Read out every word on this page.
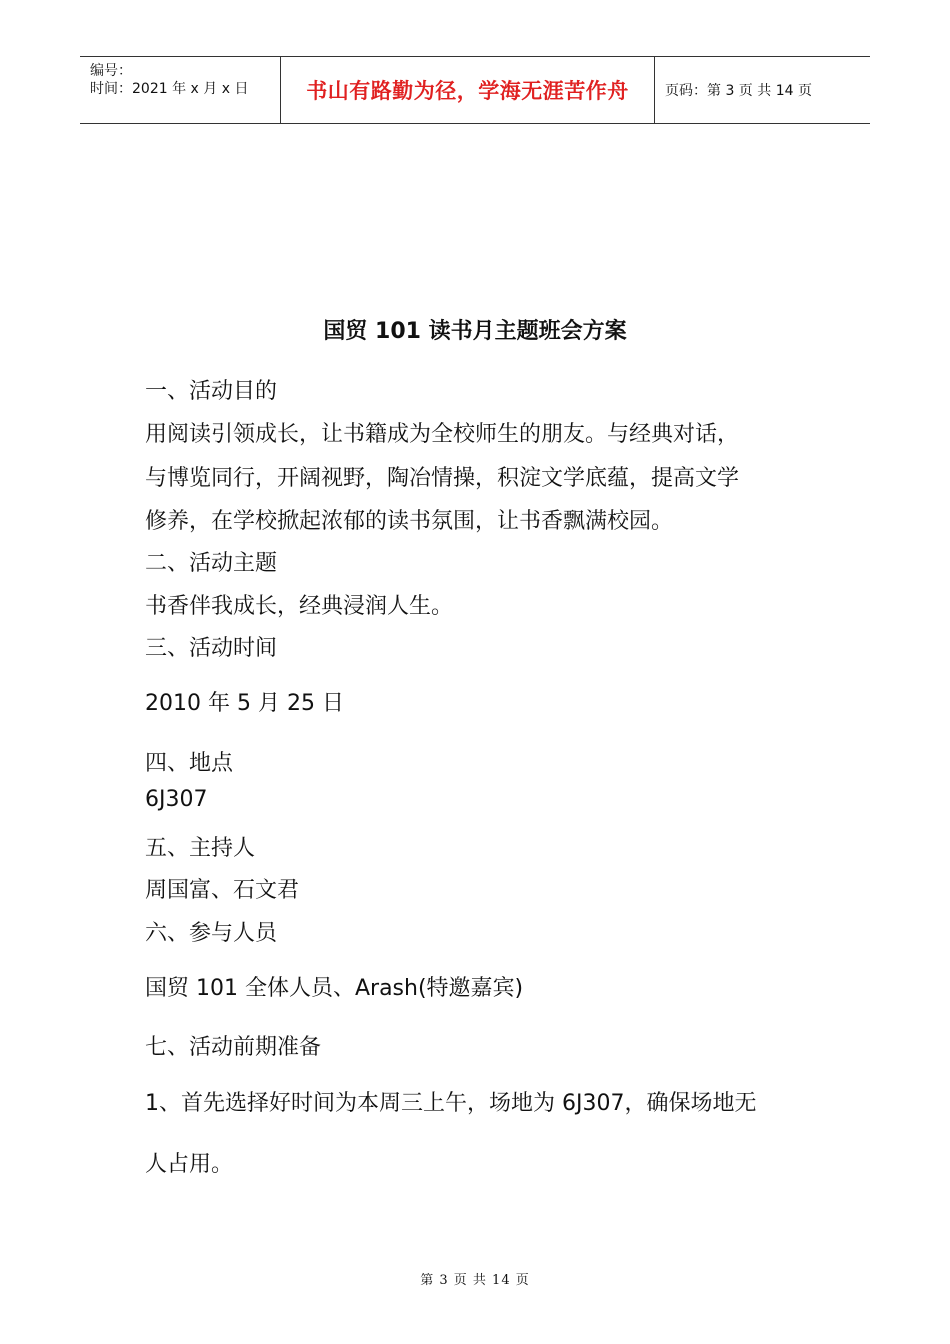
编号：
时间：2021 年 x 月 x 日	书山有路勤为径，学海无涯苦作舟	页码：第 3 页 共 14 页
国贸 101 读书月主题班会方案
一、活动目的
用阅读引领成长，让书籍成为全校师生的朋友。与经典对话，
与博览同行，开阔视野，陶冶情操，积淀文学底蕴，提高文学
修养，在学校掀起浓郁的读书氛围，让书香飘满校园。
二、活动主题
书香伴我成长，经典浸润人生。
三、活动时间
2010 年 5 月 25 日
四、地点
6J307
五、主持人
周国富、石文君
六、参与人员
国贸 101 全体人员、Arash(特邀嘉宾)
七、活动前期准备
1、首先选择好时间为本周三上午，场地为 6J307，确保场地无
人占用。
第 3 页 共 14 页
